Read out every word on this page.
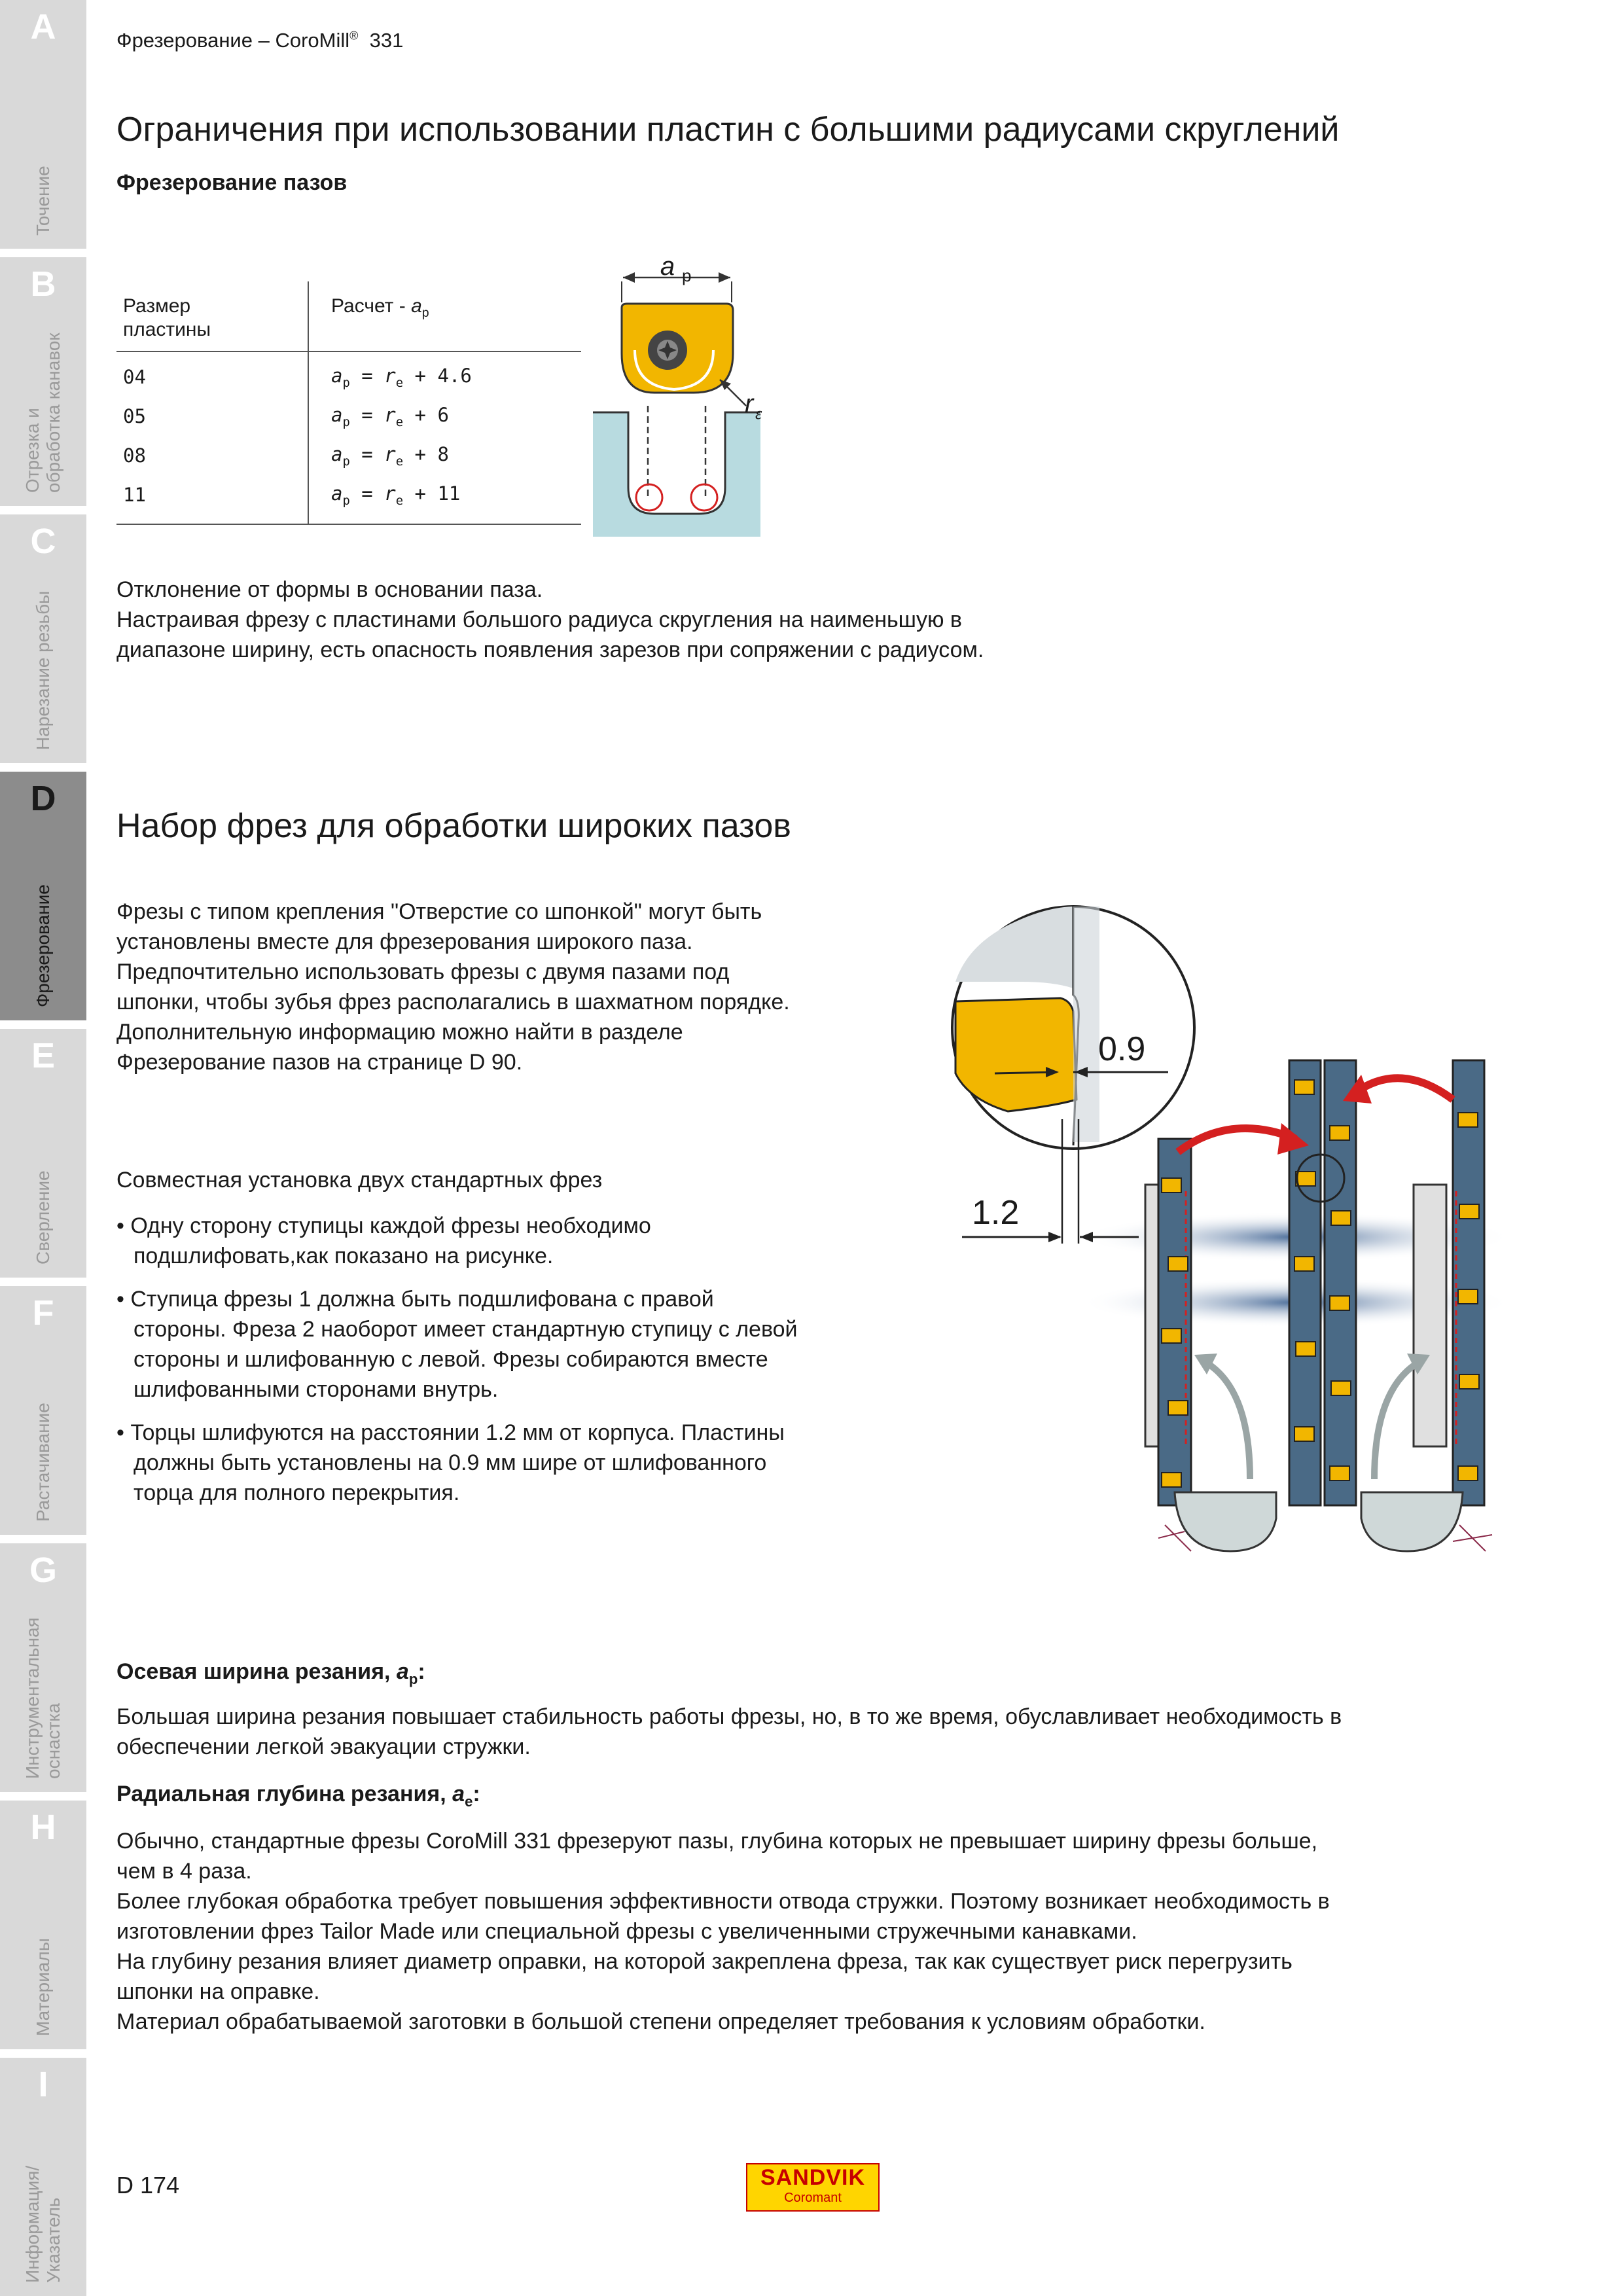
A
Точение
B
Отрезка и
обработка канавок
C
Нарезание резьбы
D
Фрезерование
E
Сверление
F
Растачивание
G
Инструментальная
оснастка
H
Материалы
I
Информация/
Указатель
Фрезерование – CoroMill® 331
Ограничения при использовании пластин с большими радиусами скруглений
Фрезерование пазов
Размер
пластины	Расчет - $a_p$
04	$a_p = r_e + 4.6$
05	$a_p = r_e + 6$
08	$a_p = r_e + 8$
11	$a_p = r_e + 11$
a p
r ε

Отклонение от формы в основании паза.

Настраивая фрезу с пластинами большого радиуса скругления на наименьшую в диапазоне ширину, есть опасность появления зарезов при сопряжении с радиусом.

Набор фрез для обработки широких пазов
Фрезы с типом крепления "Отверстие со шпонкой" могут быть установлены вместе для фрезерования широкого паза. Предпочтительно использовать фрезы с двумя пазами под шпонки, чтобы зубья фрез располагались в шахматном порядке. Дополнительную информацию можно найти в разделе Фрезерование пазов на странице D 90.
Совместная установка двух стандартных фрез
• Одну сторону ступицы каждой фрезы необходимо подшлифовать,как показано на рисунке.
• Ступица фрезы 1 должна быть подшлифована с правой стороны. Фреза 2 наоборот имеет стандартную ступицу с левой стороны и шлифованную с левой. Фрезы собираются вместе шлифованными сторонами внутрь.
• Торцы шлифуются на расстоянии 1.2 мм от корпуса. Пластины должны быть установлены на 0.9 мм шире от шлифованного торца для полного перекрытия.
0.9
1.2
Осевая ширина резания, $a_p$:
Большая ширина резания повышает стабильность работы фрезы, но, в то же время, обуславливает необходимость в обеспечении легкой эвакуации стружки.
Радиальная глубина резания, $a_e$:

Обычно, стандартные фрезы CoroMill 331 фрезеруют пазы, глубина которых не превышает ширину фрезы больше, чем в 4 раза.

Более глубокая обработка требует повышения эффективности отвода стружки. Поэтому возникает необходимость в изготовлении фрез Tailor Made или специальной фрезы с увеличенными стружечными канавками.

На глубину резания влияет диаметр оправки, на которой закреплена фреза, так как существует риск перегрузить шпонки на оправке.

Материал обрабатываемой заготовки в большой степени определяет требования к условиям обработки.

D 174	SANDVIK
Coromant
